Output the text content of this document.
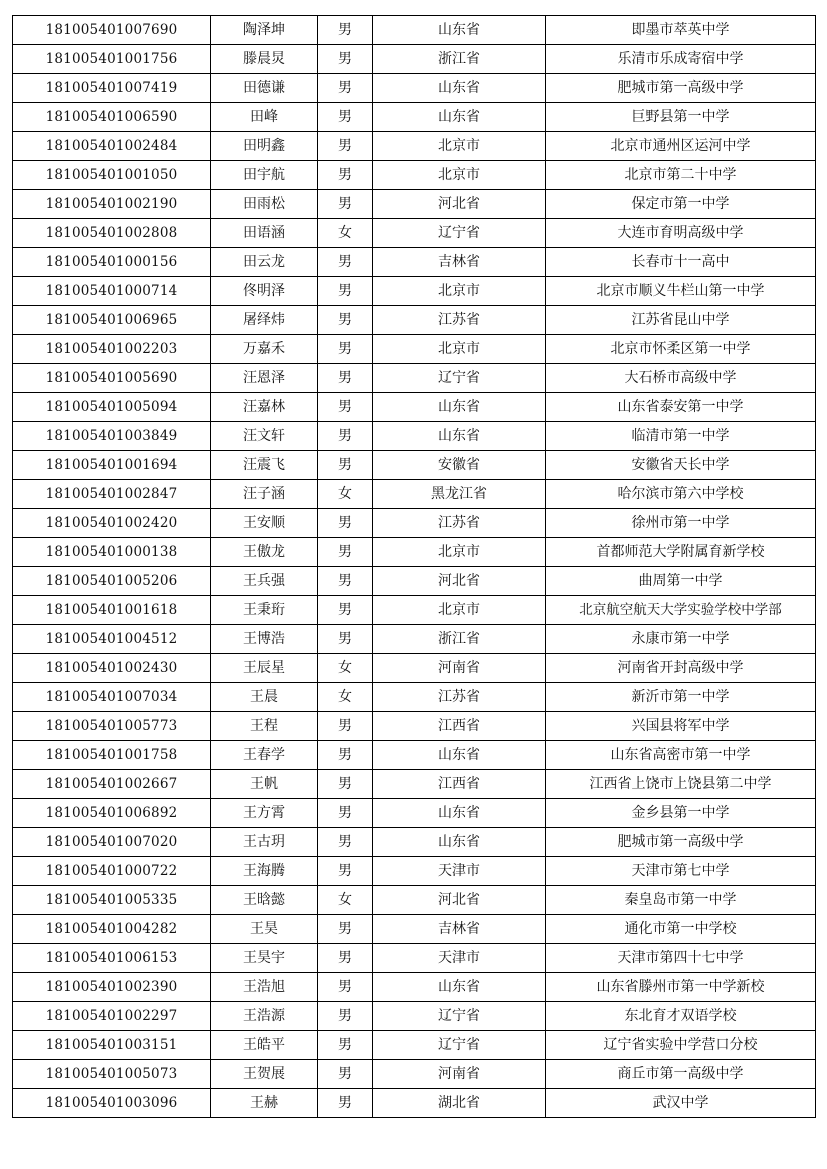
181005401007690	陶泽坤	男	山东省	即墨市萃英中学
181005401001756	滕晨炅	男	浙江省	乐清市乐成寄宿中学
181005401007419	田德谦	男	山东省	肥城市第一高级中学
181005401006590	田峰	男	山东省	巨野县第一中学
181005401002484	田明鑫	男	北京市	北京市通州区运河中学
181005401001050	田宇航	男	北京市	北京市第二十中学
181005401002190	田雨松	男	河北省	保定市第一中学
181005401002808	田语涵	女	辽宁省	大连市育明高级中学
181005401000156	田云龙	男	吉林省	长春市十一高中
181005401000714	佟明泽	男	北京市	北京市顺义牛栏山第一中学
181005401006965	屠绎炜	男	江苏省	江苏省昆山中学
181005401002203	万嘉禾	男	北京市	北京市怀柔区第一中学
181005401005690	汪恩泽	男	辽宁省	大石桥市高级中学
181005401005094	汪嘉林	男	山东省	山东省泰安第一中学
181005401003849	汪文轩	男	山东省	临清市第一中学
181005401001694	汪震飞	男	安徽省	安徽省天长中学
181005401002847	汪子涵	女	黑龙江省	哈尔滨市第六中学校
181005401002420	王安顺	男	江苏省	徐州市第一中学
181005401000138	王傲龙	男	北京市	首都师范大学附属育新学校
181005401005206	王兵强	男	河北省	曲周第一中学
181005401001618	王秉珩	男	北京市	北京航空航天大学实验学校中学部
181005401004512	王博浩	男	浙江省	永康市第一中学
181005401002430	王辰星	女	河南省	河南省开封高级中学
181005401007034	王晨	女	江苏省	新沂市第一中学
181005401005773	王程	男	江西省	兴国县将军中学
181005401001758	王春学	男	山东省	山东省高密市第一中学
181005401002667	王帆	男	江西省	江西省上饶市上饶县第二中学
181005401006892	王方霄	男	山东省	金乡县第一中学
181005401007020	王古玥	男	山东省	肥城市第一高级中学
181005401000722	王海腾	男	天津市	天津市第七中学
181005401005335	王晗懿	女	河北省	秦皇岛市第一中学
181005401004282	王昊	男	吉林省	通化市第一中学校
181005401006153	王昊宇	男	天津市	天津市第四十七中学
181005401002390	王浩旭	男	山东省	山东省滕州市第一中学新校
181005401002297	王浩源	男	辽宁省	东北育才双语学校
181005401003151	王皓平	男	辽宁省	辽宁省实验中学营口分校
181005401005073	王贺展	男	河南省	商丘市第一高级中学
181005401003096	王赫	男	湖北省	武汉中学
